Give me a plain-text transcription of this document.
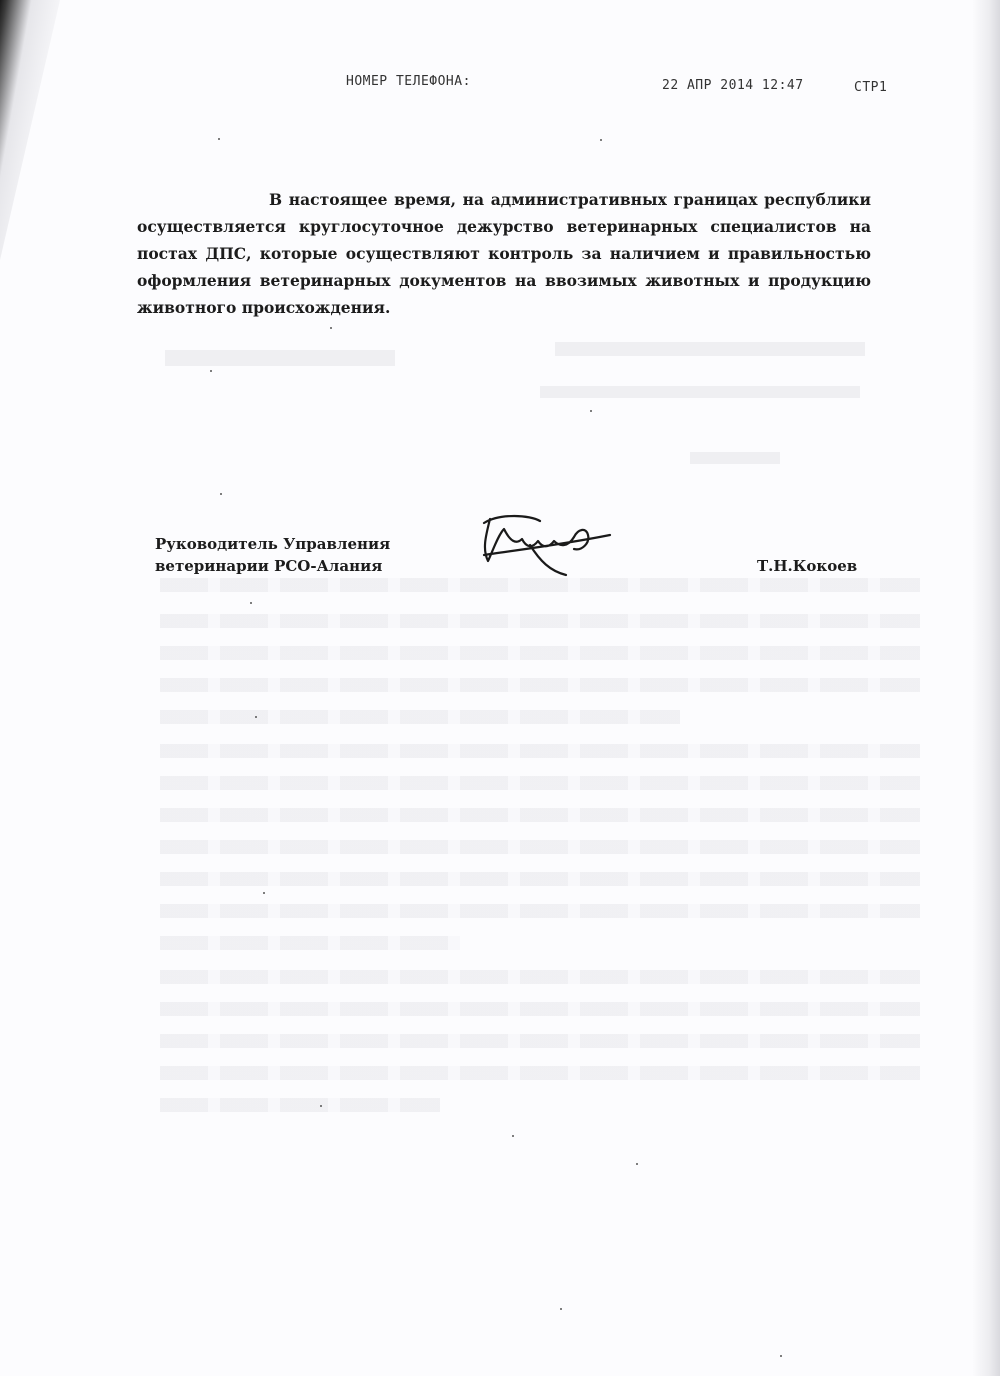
НОМЕР ТЕЛЕФОНА:	22 АПР 2014 12:47	СТР1

В настоящее время, на административных границах республики осуществляется круглосуточное дежурство ветеринарных специалистов на постах ДПС, которые осуществляют контроль за наличием и правильностью оформления ветеринарных документов на ввозимых животных и продукцию животного происхождения.

Руководитель Управления
ветеринарии РСО-Алания	Т.Н.Кокоев
